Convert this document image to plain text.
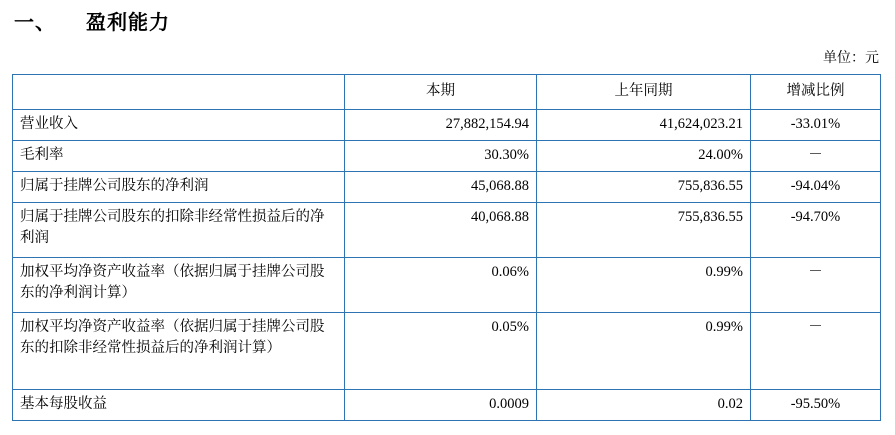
一、 盈利能力
单位：元
	本期	上年同期	增减比例
营业收入	27,882,154.94	41,624,023.21	-33.01%
毛利率	30.30%	24.00%	－
归属于挂牌公司股东的净利润	45,068.88	755,836.55	-94.04%
归属于挂牌公司股东的扣除非经常性损益后的净利润	40,068.88	755,836.55	-94.70%
加权平均净资产收益率（依据归属于挂牌公司股东的净利润计算）	0.06%	0.99%	－
加权平均净资产收益率（依据归属于挂牌公司股东的扣除非经常性损益后的净利润计算）	0.05%	0.99%	－
基本每股收益	0.0009	0.02	-95.50%
